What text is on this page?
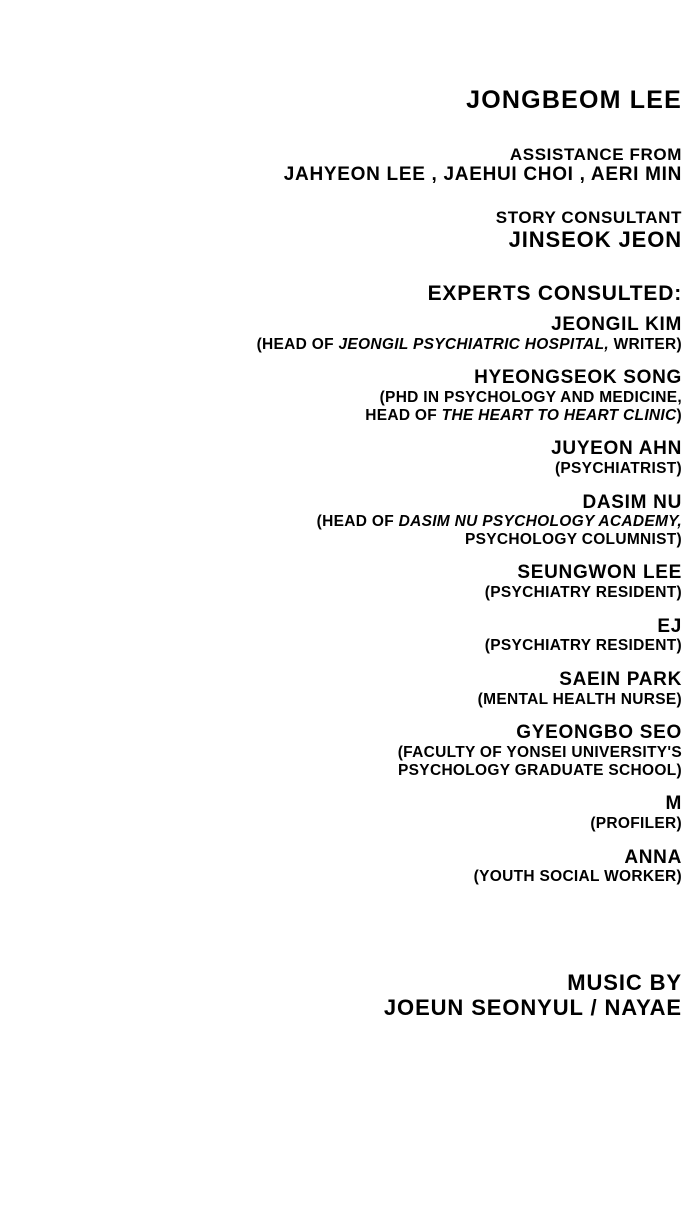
JONGBEOM LEE
ASSISTANCE FROM
JAHYEON LEE , JAEHUI CHOI , AERI MIN
STORY CONSULTANT
JINSEOK JEON
EXPERTS CONSULTED:
JEONGIL KIM
(HEAD OF JEONGIL PSYCHIATRIC HOSPITAL, WRITER)
HYEONGSEOK SONG
(PHD IN PSYCHOLOGY AND MEDICINE,
HEAD OF THE HEART TO HEART CLINIC)
JUYEON AHN
(PSYCHIATRIST)
DASIM NU
(HEAD OF DASIM NU PSYCHOLOGY ACADEMY,
PSYCHOLOGY COLUMNIST)
SEUNGWON LEE
(PSYCHIATRY RESIDENT)
EJ
(PSYCHIATRY RESIDENT)
SAEIN PARK
(MENTAL HEALTH NURSE)
GYEONGBO SEO
(FACULTY OF YONSEI UNIVERSITY'S
PSYCHOLOGY GRADUATE SCHOOL)
M
(PROFILER)
ANNA
(YOUTH SOCIAL WORKER)
MUSIC BY
JOEUN SEONYUL / NAYAE
